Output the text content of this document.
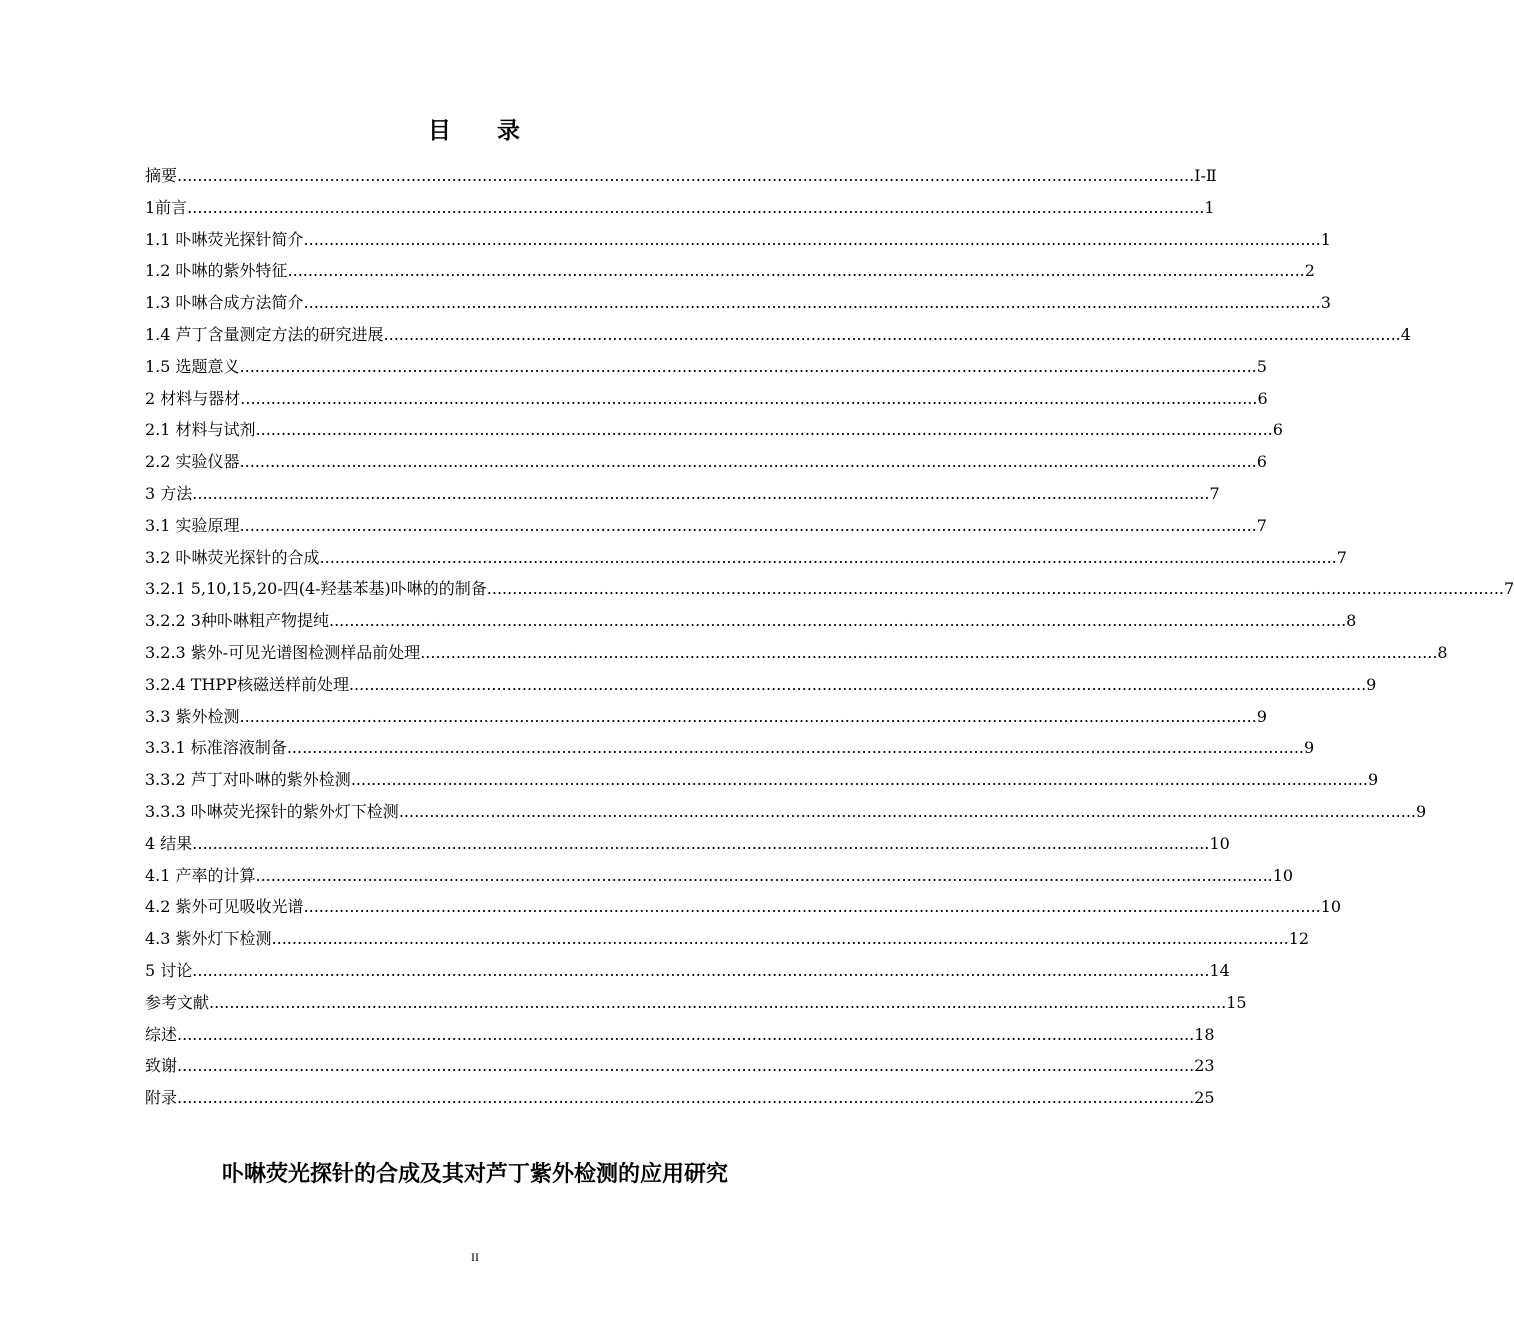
目 录
摘要 ........................................................................................................................................................................................................ Ⅰ-Ⅱ
1前言 ........................................................................................................................................................................................................ 1
1.1 卟啉荧光探针简介 ........................................................................................................................................................................................................ 1
1.2 卟啉的紫外特征 ........................................................................................................................................................................................................ 2
1.3 卟啉合成方法简介 ........................................................................................................................................................................................................ 3
1.4 芦丁含量测定方法的研究进展 ........................................................................................................................................................................................................ 4
1.5 选题意义 ........................................................................................................................................................................................................ 5
2 材料与器材 ........................................................................................................................................................................................................ 6
2.1 材料与试剂 ........................................................................................................................................................................................................ 6
2.2 实验仪器 ........................................................................................................................................................................................................ 6
3 方法 ........................................................................................................................................................................................................ 7
3.1 实验原理 ........................................................................................................................................................................................................ 7
3.2 卟啉荧光探针的合成 ........................................................................................................................................................................................................ 7
3.2.1 5,10,15,20-四(4-羟基苯基)卟啉的的制备 ........................................................................................................................................................................................................ 7
3.2.2 3种卟啉粗产物提纯 ........................................................................................................................................................................................................ 8
3.2.3 紫外-可见光谱图检测样品前处理 ........................................................................................................................................................................................................ 8
3.2.4 THPP核磁送样前处理 ........................................................................................................................................................................................................ 9
3.3 紫外检测 ........................................................................................................................................................................................................ 9
3.3.1 标准溶液制备 ........................................................................................................................................................................................................ 9
3.3.2 芦丁对卟啉的紫外检测 ........................................................................................................................................................................................................ 9
3.3.3 卟啉荧光探针的紫外灯下检测 ........................................................................................................................................................................................................ 9
4 结果 ........................................................................................................................................................................................................ 10
4.1 产率的计算 ........................................................................................................................................................................................................ 10
4.2 紫外可见吸收光谱 ........................................................................................................................................................................................................ 10
4.3 紫外灯下检测 ........................................................................................................................................................................................................ 12
5 讨论 ........................................................................................................................................................................................................ 14
参考文献 ........................................................................................................................................................................................................ 15
综述 ........................................................................................................................................................................................................ 18
致谢 ........................................................................................................................................................................................................ 23
附录 ........................................................................................................................................................................................................ 25
卟啉荧光探针的合成及其对芦丁紫外检测的应用研究
II
